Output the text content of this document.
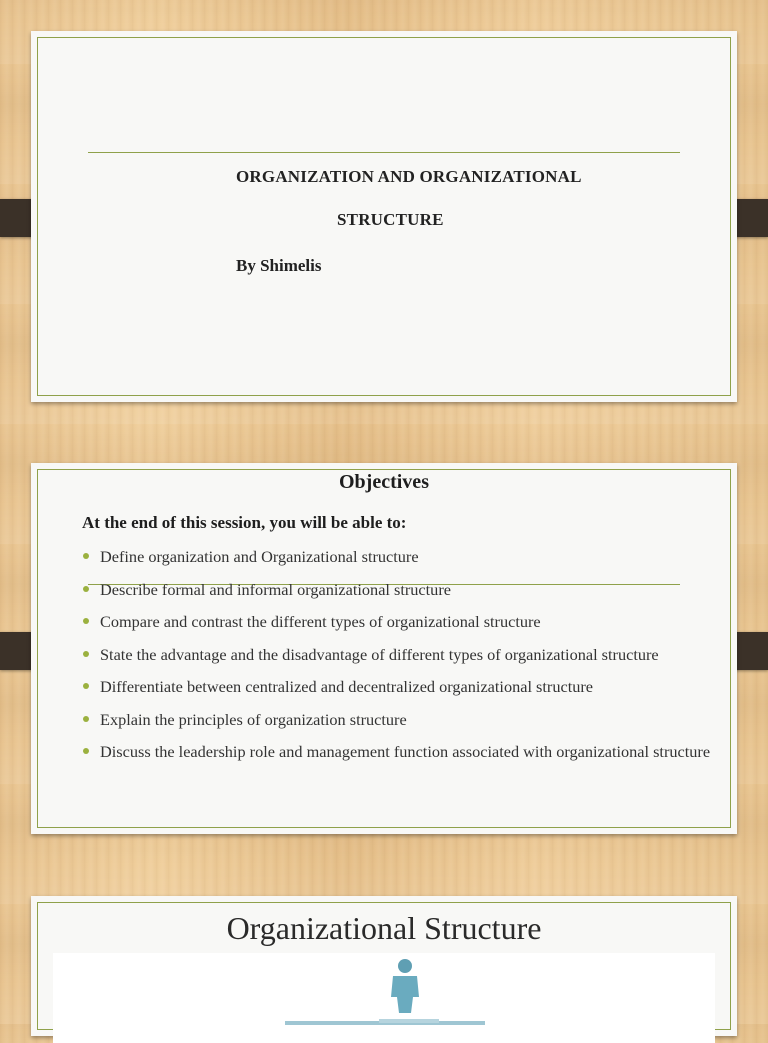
ORGANIZATION AND ORGANIZATIONAL
STRUCTURE
By Shimelis
Objectives
At the end of this session, you will be able to:
Define organization and Organizational structure
Describe formal and informal organizational structure
Compare and contrast the different types of organizational structure
State the advantage and the disadvantage of different types of organizational structure
Differentiate between centralized and decentralized organizational structure
Explain the principles of organization structure
Discuss the leadership role and management function associated with organizational structure
Organizational Structure
